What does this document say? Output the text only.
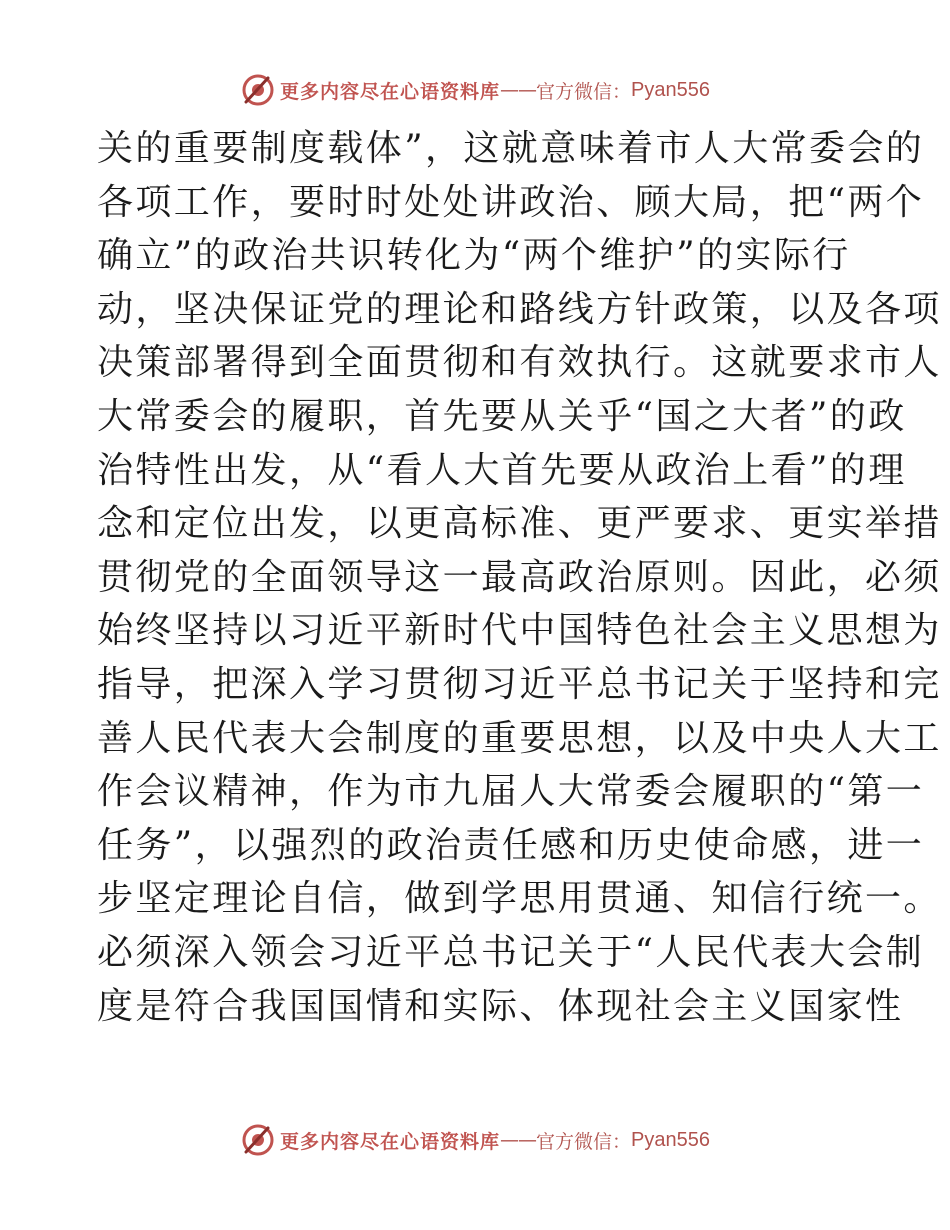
更多内容尽在心语资料库 —— 官方微信： Pyan556
关的重要制度载体”，这就意味着市人大常委会的
各项工作，要时时处处讲政治、顾大局，把“两个
确立”的政治共识转化为“两个维护”的实际行
动，坚决保证党的理论和路线方针政策，以及各项
决策部署得到全面贯彻和有效执行。这就要求市人
大常委会的履职，首先要从关乎“国之大者”的政
治特性出发，从“看人大首先要从政治上看”的理
念和定位出发，以更高标准、更严要求、更实举措
贯彻党的全面领导这一最高政治原则。因此，必须
始终坚持以习近平新时代中国特色社会主义思想为
指导，把深入学习贯彻习近平总书记关于坚持和完
善人民代表大会制度的重要思想，以及中央人大工
作会议精神，作为市九届人大常委会履职的“第一
任务”，以强烈的政治责任感和历史使命感，进一
步坚定理论自信，做到学思用贯通、知信行统一。
必须深入领会习近平总书记关于“人民代表大会制
度是符合我国国情和实际、体现社会主义国家性
更多内容尽在心语资料库 —— 官方微信： Pyan556
